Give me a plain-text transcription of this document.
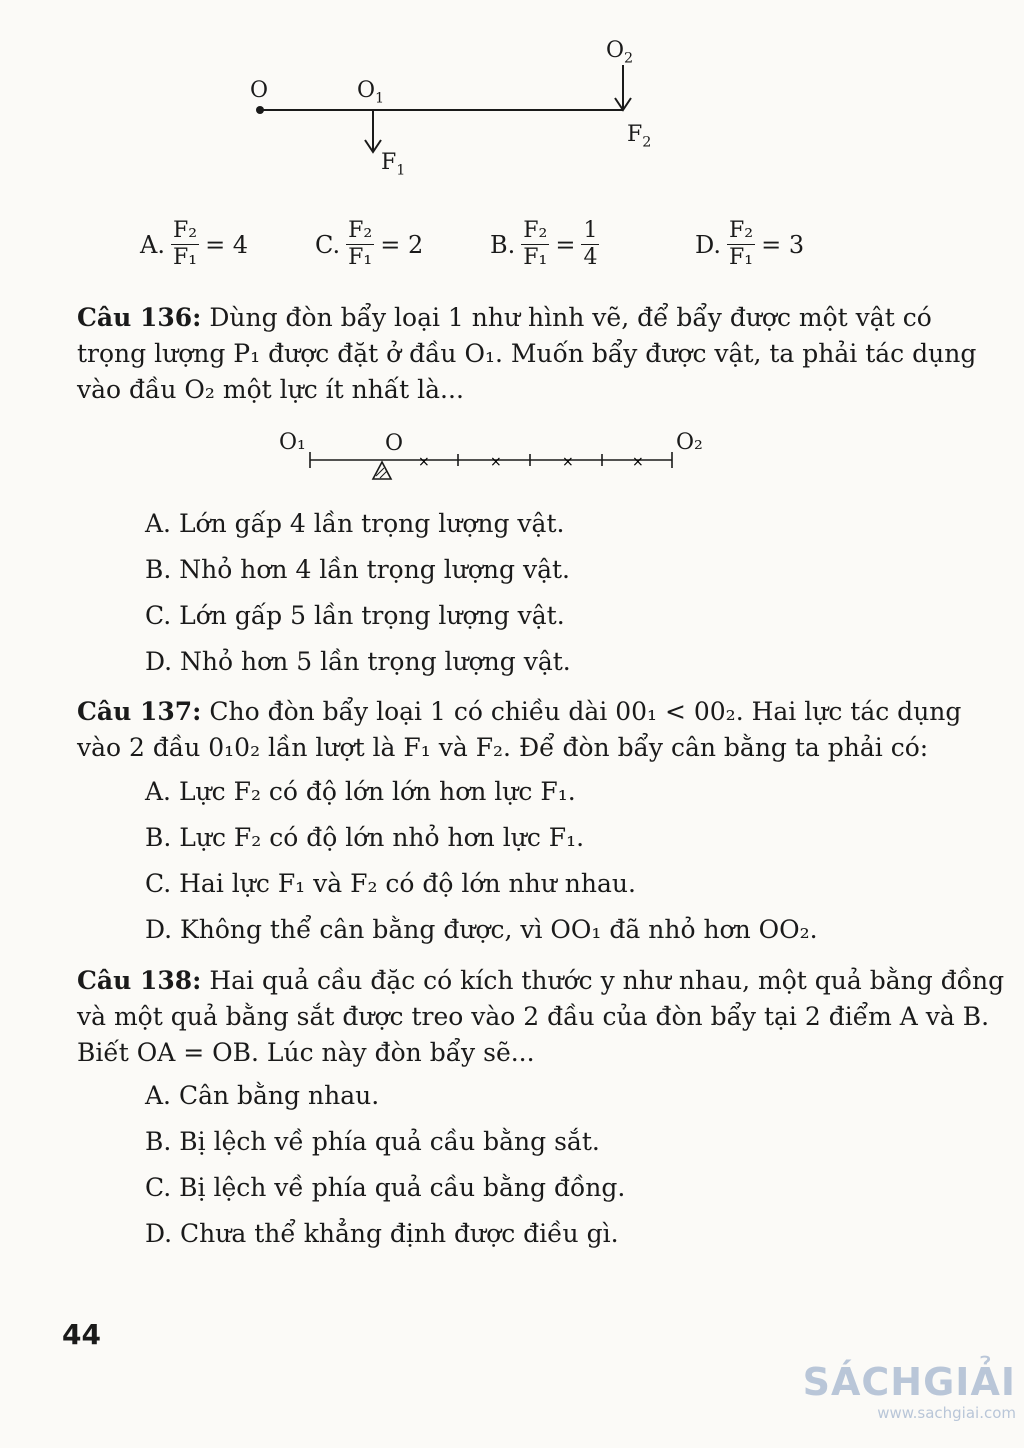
O	$O_1$
$O_2$
$F_1$
$F_2$
A. $\frac{\text{F₂}}{\text{F₁}} = 4$	C. $\frac{\text{F₂}}{\text{F₁}} = 2$	B. $\frac{\text{F₂}}{\text{F₁}} = \frac{1}{4}$	D. $\frac{\text{F₂}}{\text{F₁}} = 3$
Câu 136: Dùng đòn bẩy loại 1 như hình vẽ, để bẩy được một vật có
trọng lượng P₁ được đặt ở đầu O₁. Muốn bẩy được vật, ta phải tác dụng
vào đầu O₂ một lực ít nhất là...
×	×	×	×
O₁	O	O₂
A. Lớn gấp 4 lần trọng lượng vật.
B. Nhỏ hơn 4 lần trọng lượng vật.
C. Lớn gấp 5 lần trọng lượng vật.
D. Nhỏ hơn 5 lần trọng lượng vật.
Câu 137: Cho đòn bẩy loại 1 có chiều dài 00₁ < 00₂. Hai lực tác dụng
vào 2 đầu 0₁0₂ lần lượt là F₁ và F₂. Để đòn bẩy cân bằng ta phải có:
A. Lực F₂ có độ lớn lớn hơn lực F₁.
B. Lực F₂ có độ lớn nhỏ hơn lực F₁.
C. Hai lực F₁ và F₂ có độ lớn như nhau.
D. Không thể cân bằng được, vì OO₁ đã nhỏ hơn OO₂.
Câu 138: Hai quả cầu đặc có kích thước y như nhau, một quả bằng đồng
và một quả bằng sắt được treo vào 2 đầu của đòn bẩy tại 2 điểm A và B.
Biết OA = OB. Lúc này đòn bẩy sẽ...
A. Cân bằng nhau.
B. Bị lệch về phía quả cầu bằng sắt.
C. Bị lệch về phía quả cầu bằng đồng.
D. Chưa thể khẳng định được điều gì.
44
SÁCHGIẢI
www.sachgiai.com
